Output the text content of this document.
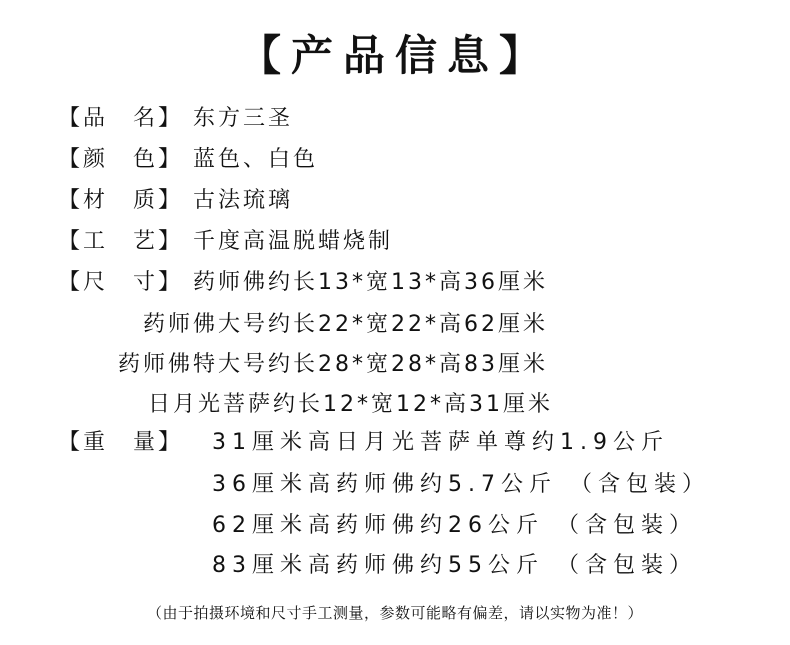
【产品信息】
【品　名】 东方三圣
【颜　色】 蓝色、白色
【材　质】 古法琉璃
【工　艺】 千度高温脱蜡烧制
【尺　寸】 药师佛约长13*宽13*高36厘米
药师佛大号约长22*宽22*高62厘米
药师佛特大号约长28*宽28*高83厘米
日月光菩萨约长12*宽12*高31厘米
【重　量】 31厘米高日月光菩萨单尊约1.9公斤
36厘米高药师佛约5.7公斤 （含包装）
62厘米高药师佛约26公斤 （含包装）
83厘米高药师佛约55公斤 （含包装）
（由于拍摄环境和尺寸手工测量，参数可能略有偏差，请以实物为准！）
